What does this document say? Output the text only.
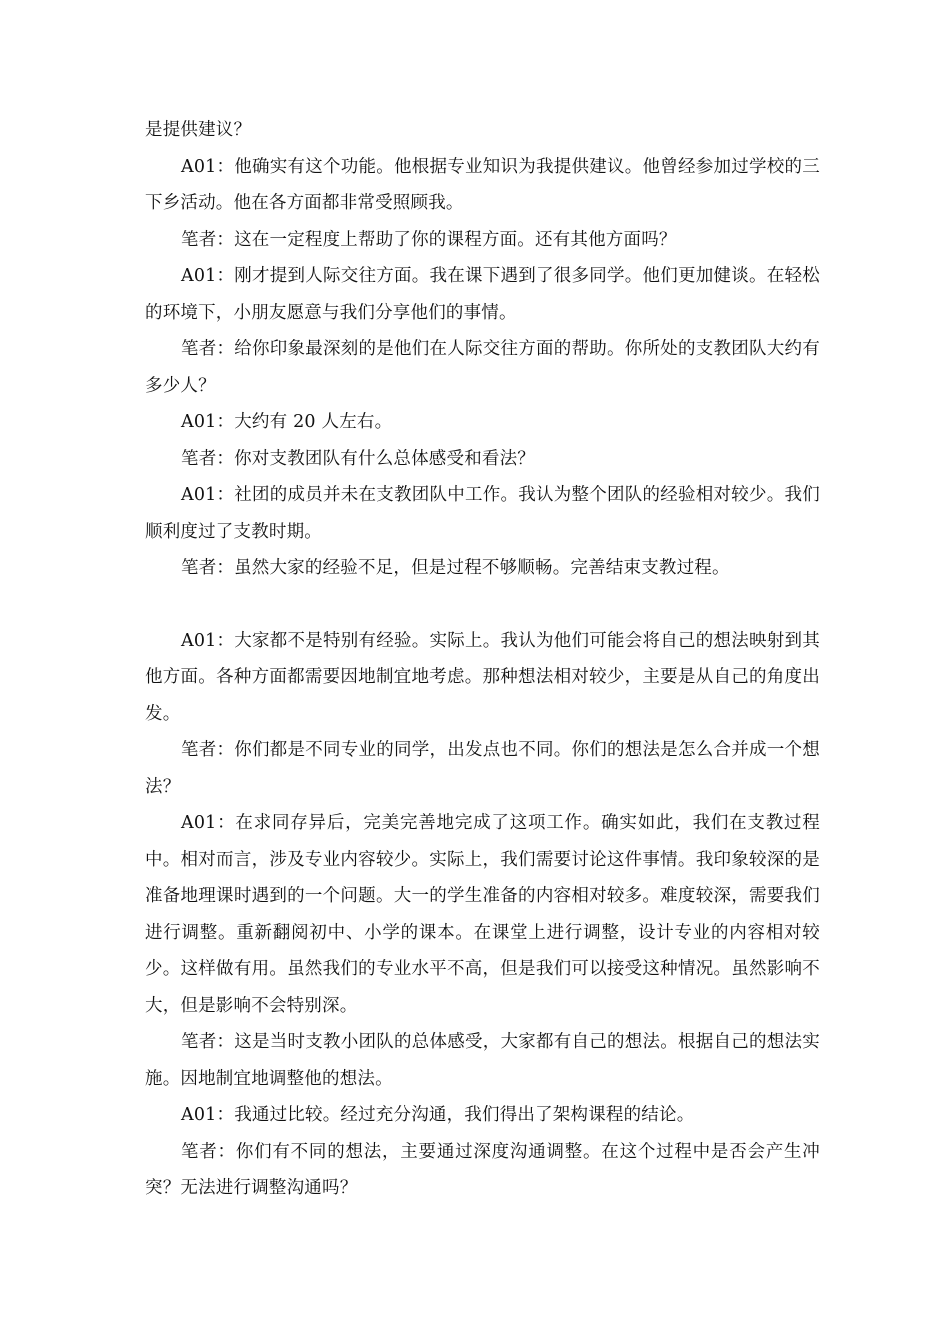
是提供建议？

A01：他确实有这个功能。他根据专业知识为我提供建议。他曾经参加过学校的三下乡活动。他在各方面都非常受照顾我。

笔者：这在一定程度上帮助了你的课程方面。还有其他方面吗？

A01：刚才提到人际交往方面。我在课下遇到了很多同学。他们更加健谈。在轻松的环境下，小朋友愿意与我们分享他们的事情。

笔者：给你印象最深刻的是他们在人际交往方面的帮助。你所处的支教团队大约有多少人？

A01：大约有 20 人左右。

笔者：你对支教团队有什么总体感受和看法？

A01：社团的成员并未在支教团队中工作。我认为整个团队的经验相对较少。我们顺利度过了支教时期。

笔者：虽然大家的经验不足，但是过程不够顺畅。完善结束支教过程。

A01：大家都不是特别有经验。实际上。我认为他们可能会将自己的想法映射到其他方面。各种方面都需要因地制宜地考虑。那种想法相对较少，主要是从自己的角度出发。

笔者：你们都是不同专业的同学，出发点也不同。你们的想法是怎么合并成一个想法？

A01：在求同存异后，完美完善地完成了这项工作。确实如此，我们在支教过程中。相对而言，涉及专业内容较少。实际上，我们需要讨论这件事情。我印象较深的是准备地理课时遇到的一个问题。大一的学生准备的内容相对较多。难度较深，需要我们进行调整。重新翻阅初中、小学的课本。在课堂上进行调整，设计专业的内容相对较少。这样做有用。虽然我们的专业水平不高，但是我们可以接受这种情况。虽然影响不大，但是影响不会特别深。

笔者：这是当时支教小团队的总体感受，大家都有自己的想法。根据自己的想法实施。因地制宜地调整他的想法。

A01：我通过比较。经过充分沟通，我们得出了架构课程的结论。

笔者：你们有不同的想法，主要通过深度沟通调整。在这个过程中是否会产生冲突？无法进行调整沟通吗？
